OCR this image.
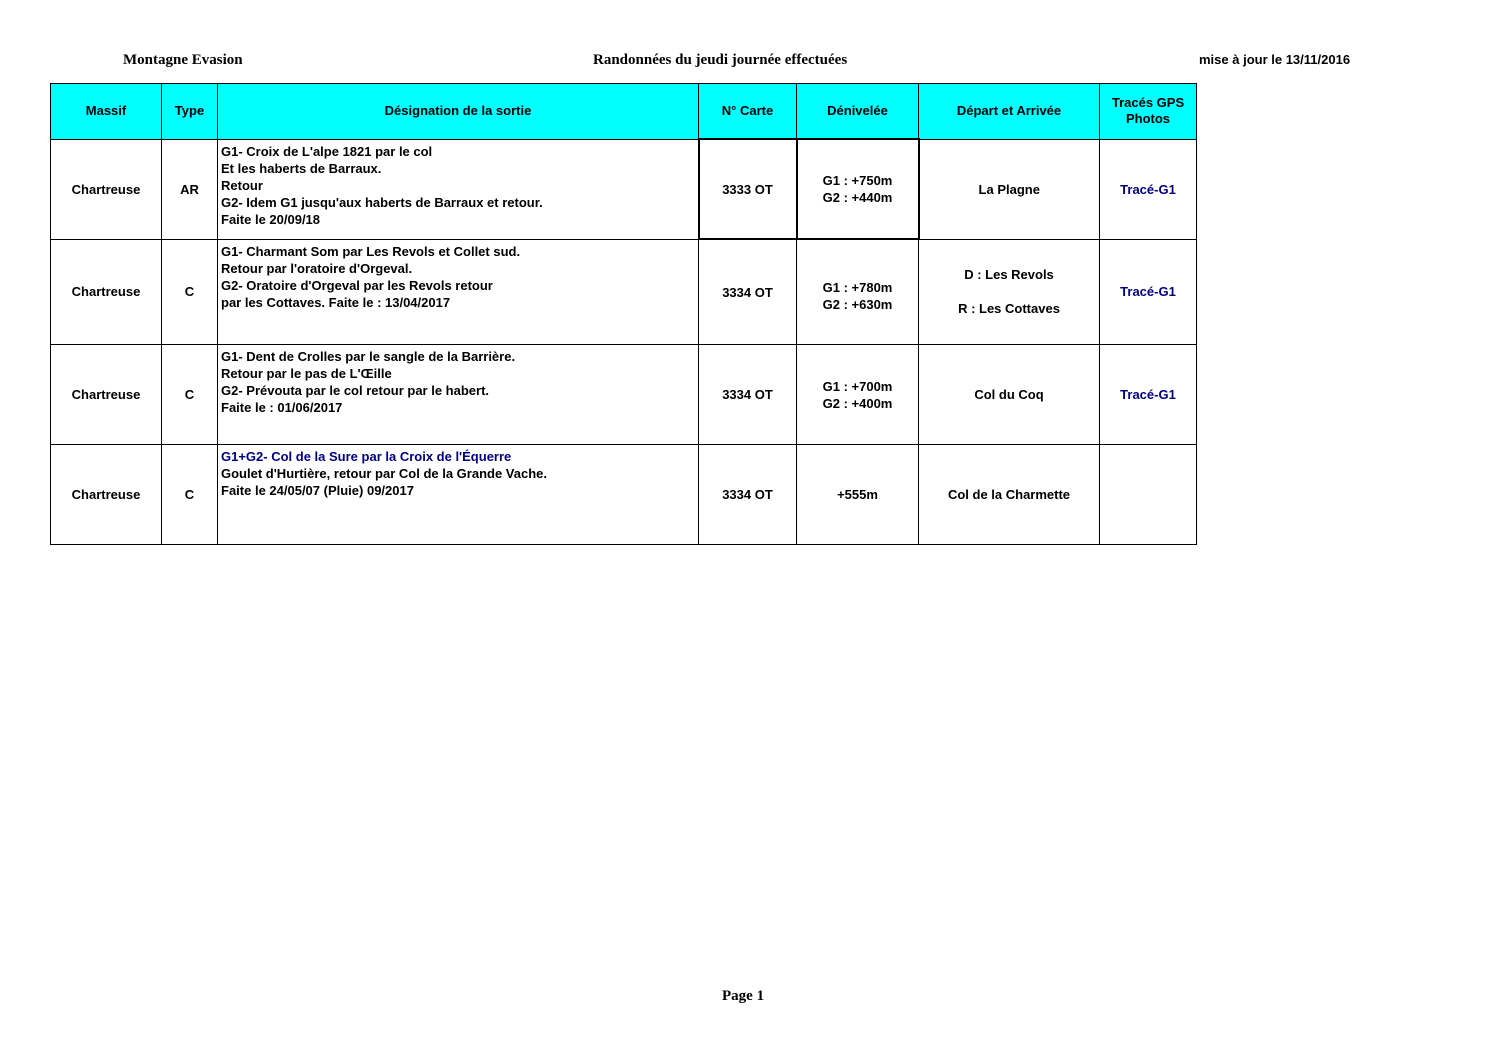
Montagne Evasion	Randonnées du jeudi journée effectuées	mise à jour le 13/11/2016
Massif	Type	Désignation de la sortie	N° Carte	Dénivelée	Départ et Arrivée	Tracés GPS
Photos

Chartreuse	AR	G1- Croix de L'alpe 1821 par le col
Et les haberts de Barraux.
Retour
G2- Idem G1 jusqu'aux haberts de Barraux et retour.
Faite le 20/09/18	3333 OT	G1 : +750m
G2 : +440m	La Plagne	Tracé-G1
Chartreuse	C	G1- Charmant Som par Les Revols et Collet sud.
Retour par l'oratoire d'Orgeval.
G2- Oratoire d'Orgeval par les Revols retour
par les Cottaves. Faite le : 13/04/2017	3334 OT	G1 : +780m
G2 : +630m	D : Les Revols
R : Les Cottaves	Tracé-G1
Chartreuse	C	G1- Dent de Crolles par le sangle de la Barrière.
Retour par le pas de L'Œille
G2- Prévouta par le col retour par le habert.
Faite le : 01/06/2017	3334 OT	G1 : +700m
G2 : +400m	Col du Coq	Tracé-G1
Chartreuse	C	G1+G2- Col de la Sure par la Croix de l'Équerre
Goulet d'Hurtière, retour par Col de la Grande Vache.
Faite le 24/05/07 (Pluie) 09/2017	3334 OT	+555m	Col de la Charmette	

Page 1
